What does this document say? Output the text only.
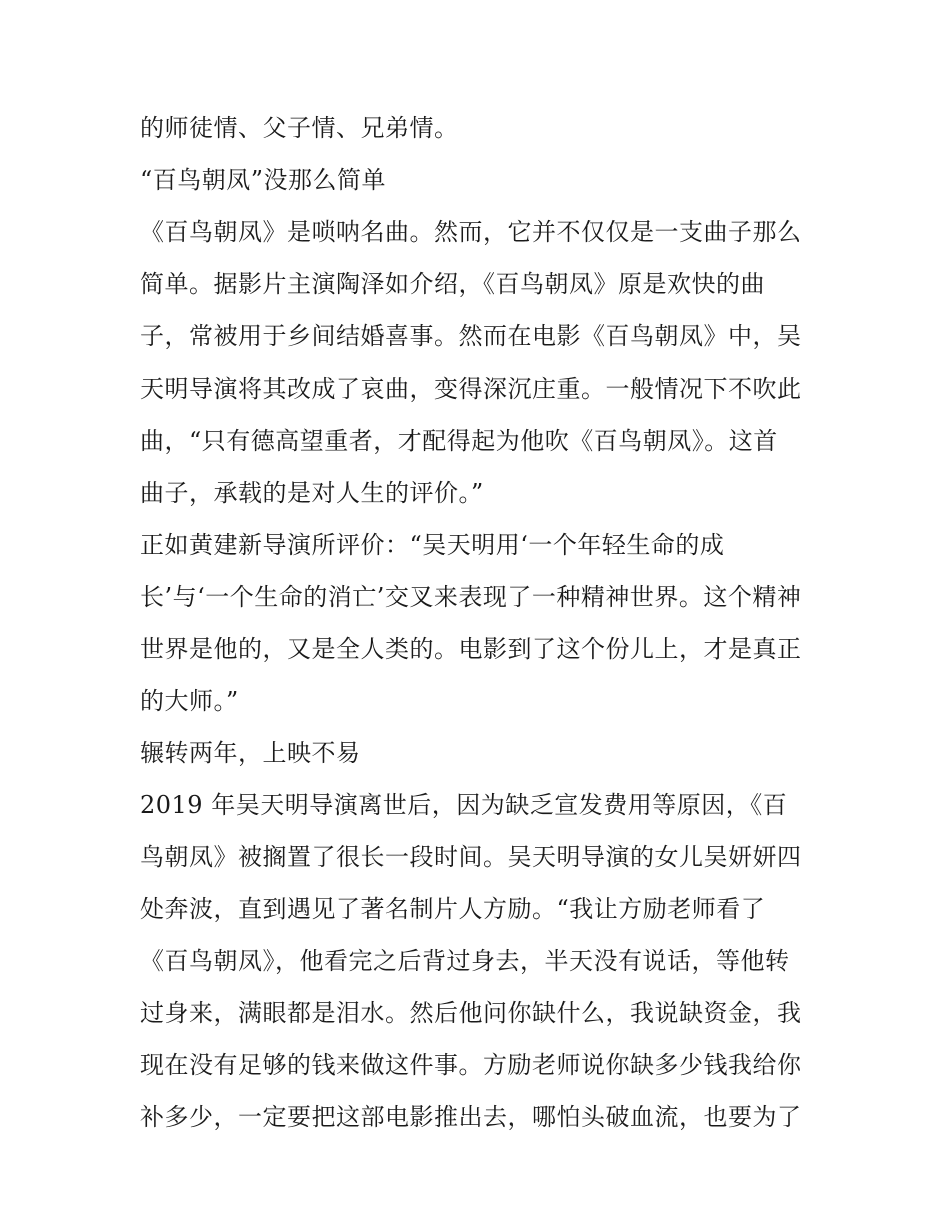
的师徒情、父子情、兄弟情。
“百鸟朝凤”没那么简单
《百鸟朝凤》是唢呐名曲。然而，它并不仅仅是一支曲子那么
简单。据影片主演陶泽如介绍，《百鸟朝凤》原是欢快的曲
子，常被用于乡间结婚喜事。然而在电影《百鸟朝凤》中，吴
天明导演将其改成了哀曲，变得深沉庄重。一般情况下不吹此
曲，“只有德高望重者，才配得起为他吹《百鸟朝凤》。这首
曲子，承载的是对人生的评价。”
正如黄建新导演所评价：“吴天明用‘一个年轻生命的成
长’与‘一个生命的消亡’交叉来表现了一种精神世界。这个精神
世界是他的，又是全人类的。电影到了这个份儿上，才是真正
的大师。”
辗转两年，上映不易
2019 年吴天明导演离世后，因为缺乏宣发费用等原因，《百
鸟朝凤》被搁置了很长一段时间。吴天明导演的女儿吴妍妍四
处奔波，直到遇见了著名制片人方励。“我让方励老师看了
《百鸟朝凤》，他看完之后背过身去，半天没有说话，等他转
过身来，满眼都是泪水。然后他问你缺什么，我说缺资金，我
现在没有足够的钱来做这件事。方励老师说你缺多少钱我给你
补多少，一定要把这部电影推出去，哪怕头破血流，也要为了
